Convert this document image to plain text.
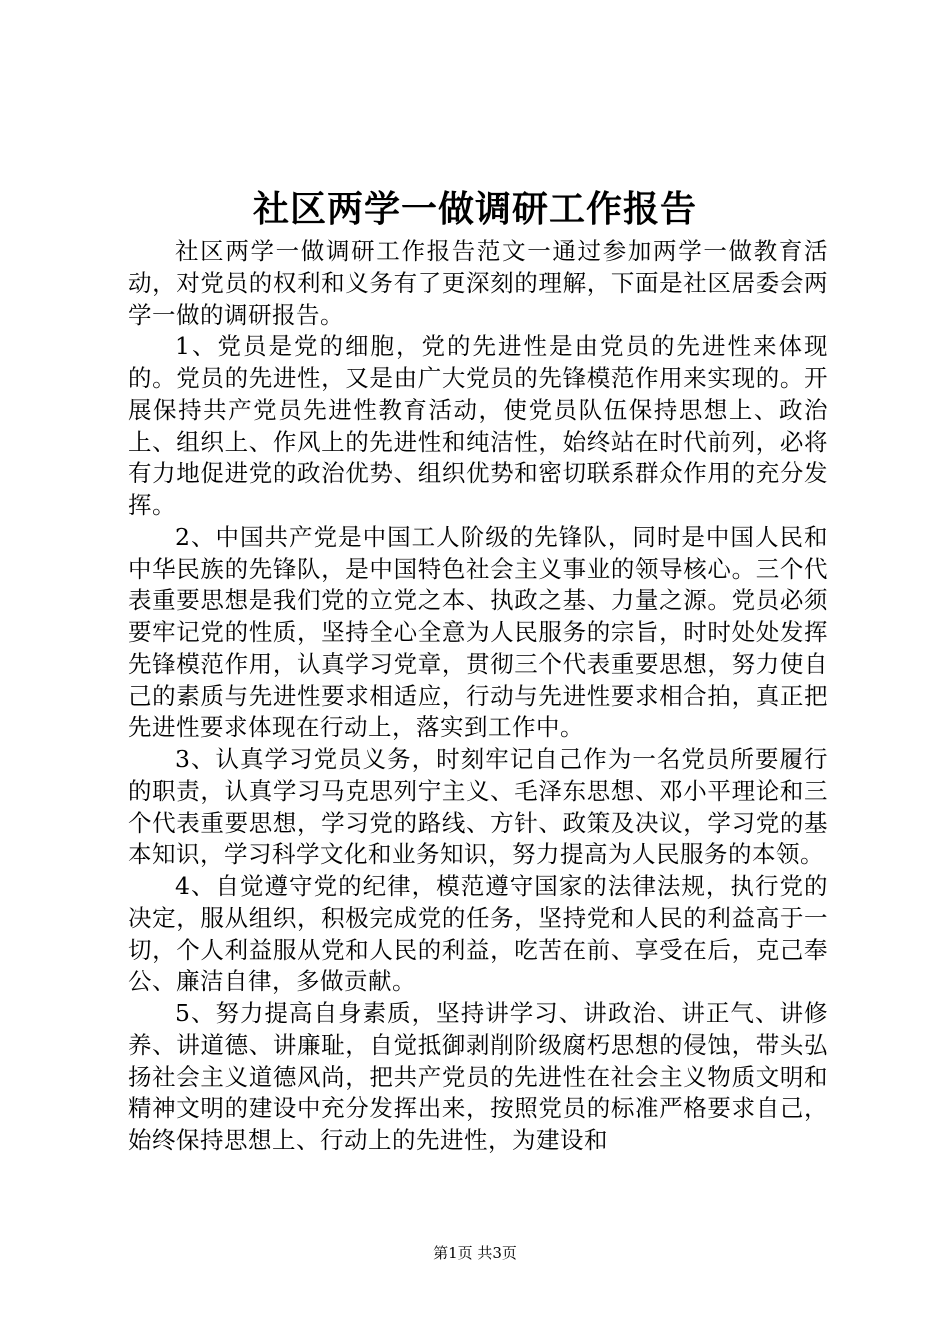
社区两学一做调研工作报告

社区两学一做调研工作报告范文一通过参加两学一做教育活动，对党员的权利和义务有了更深刻的理解，下面是社区居委会两学一做的调研报告。

1、党员是党的细胞，党的先进性是由党员的先进性来体现的。党员的先进性，又是由广大党员的先锋模范作用来实现的。开展保持共产党员先进性教育活动，使党员队伍保持思想上、政治上、组织上、作风上的先进性和纯洁性，始终站在时代前列，必将有力地促进党的政治优势、组织优势和密切联系群众作用的充分发挥。

2、中国共产党是中国工人阶级的先锋队，同时是中国人民和中华民族的先锋队，是中国特色社会主义事业的领导核心。三个代表重要思想是我们党的立党之本、执政之基、力量之源。党员必须要牢记党的性质，坚持全心全意为人民服务的宗旨，时时处处发挥先锋模范作用，认真学习党章，贯彻三个代表重要思想，努力使自己的素质与先进性要求相适应，行动与先进性要求相合拍，真正把先进性要求体现在行动上，落实到工作中。

3、认真学习党员义务，时刻牢记自己作为一名党员所要履行的职责，认真学习马克思列宁主义、毛泽东思想、邓小平理论和三个代表重要思想，学习党的路线、方针、政策及决议，学习党的基本知识，学习科学文化和业务知识，努力提高为人民服务的本领。

4、自觉遵守党的纪律，模范遵守国家的法律法规，执行党的决定，服从组织，积极完成党的任务，坚持党和人民的利益高于一切，个人利益服从党和人民的利益，吃苦在前、享受在后，克己奉公、廉洁自律，多做贡献。

5、努力提高自身素质，坚持讲学习、讲政治、讲正气、讲修养、讲道德、讲廉耻，自觉抵御剥削阶级腐朽思想的侵蚀，带头弘扬社会主义道德风尚，把共产党员的先进性在社会主义物质文明和精神文明的建设中充分发挥出来，按照党员的标准严格要求自己，始终保持思想上、行动上的先进性，为建设和

第1页 共3页
